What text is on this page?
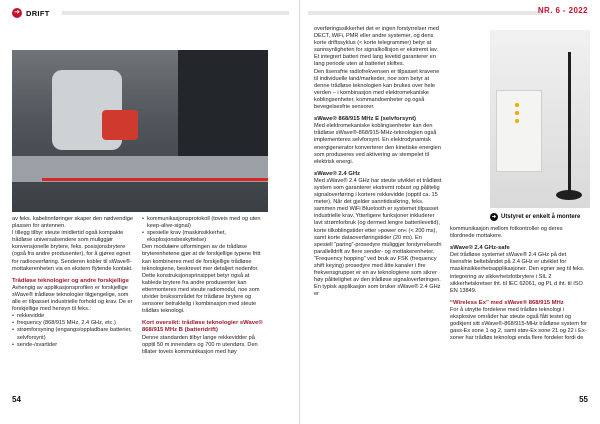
➜ DRIFT

av feks. kabelinnføringer skaper den nødvendige plassen for antennen.

I tillegg tilbyr steute imidlertid også kompakte trådløse universalsendere som muliggjør konvensjonelle brytere, feks. posisjonsbrytere (også fra andre produsenter), for å gjøres egnet for radiooverføring. Senderen kobler til sWave®-mottakerenheten via en ekstern flytende kontakt.

Trådløse teknologier og andre forskjellige

Avhengig av applikasjonsprofilen er forskjellige sWave® trådløse teknologier tilgjengelige, som alle er tilpasset industrielle forhold og krav. De er forskjellige med hensyn til feks.:

• rekkevidde
• frequency (868/915 MHz, 2.4 GHz, etc.)
• strømforsyning (engangs/oppladbare batterier, selvforsynt)
• sende-/svartider
• kommunikasjonsprotokoll (toveis med og uten keep-alive-signal)
• spesielle krav (maskinsikkerhet, eksplosjonsbeskyttelse)

Den modulære utformingen av de trådløse bryterenhetene gjør at de forskjellige typene fritt kan kombineres med de forskjellige trådløse teknologiene, beskrevet mer detaljert nedenfor. Dette konstruksjonsprinsippet betyr også at kablede brytere fra andre produsenter kan ettermonteres med steute radiomodul, noe som utvider bruksområdet for trådløse brytere og sensorer betraktelig i kombinasjon med steute trådløs teknologi.

Kort oversikt: trådløse teknologier sWave® 868/915 MHz B (batteridrift)

Denne standarden tilbyr lange rekkevidder på opptil 50 m innendørs og 700 m utendørs. Den tillater toveis kommunikasjon med høy

54
NR. 6 - 2022

overføringssikkerhet det er ingen forstyrrelser med DECT, WiFi, PMR eller andre systemer, og dens korte driftssyklus (< korte telegrammer) betyr at sannsynligheten for signalkollisjon er ekstremt lav. Et integrert batteri med lang levetid garanterer en lang periode uten at batteriet skiftes.

Den lisensfrie radiofrekvensen er tilpasset kravene til individuelle land/markeder, noe som betyr at denne trådløse teknologien kan brukes over hele verden – i kombinasjon med elektromekaniske koblingsenheter, kommandoenheter og også bevegelsesfrie sensorer.

sWave® 868/915 MHz E (selvforsynt)

Med elektromekaniske koblingsenheter kan den trådløse sWave®-868/915-MHz-teknologien også implementeres selvforsynt. En elektrodynamisk energigenerator konverterer den kinetiske energien som produseres ved aktivering av stempelet til elektrisk energi.

sWave® 2.4 GHz

Med sWave® 2.4 GHz har steute utviklet et trådløst system som garanterer ekstremt robust og pålitelig signaloverføring i kortere rekkevidde (opptil ca. 15 meter). Når det gjelder sanntidssikring, feks. sammen med WiFi Bluetooth er systemet tilpasset industrielle krav. Ytterligere funksjoner inkluderer lavt strømforbruk (og dermed lengre batterilevetid), korte tilkoblingstider etter »power on« (< 200 ms), samt korte dataoverføringstider (20 ms). En spesiell “paring”-prosedyre muliggjør forstyrrelsesfri parallelldrift av flere sender- og mottakerenheter. “Frequency hopping” ved bruk av FSK (frequency shift keying) prosedyre med åtte kanaler i fire frekvensgrupper er en av teknologiene som sikrer høy pålitelighet av den trådløse signaloverføringen. En typisk applikasjon som bruker sWave® 2.4 GHz er

➜ Utstyret er enkelt å montere

kommunikasjon mellom fotkontroller og deres tilordnede mottakere.

sWave® 2.4 GHz-safe

Det trådløse systemet sWave® 2.4 GHz på det lisensfrie beltebåndet på 2.4 GHz er utviklet for maskinsikkerhetsapplikasjoner. Den egner seg til feks. integrering av sikkerhetsfotbrytere i SIL 2 sikkerhetskretser iht. til IEC 62061, og PL d iht. til ISO EN 13849.

“Wireless Ex” med sWave® 868/915 MHz

For å utnytte fordelene med trådløs teknologi i eksplosive områder har steute også fått testet og godkjent sitt sWave®-868/915-MHz trådløse system for gass-Ex sone 1 og 2, samt støv-Ex sone 21 og 22 i Ex-soner har trådløs teknologi enda flere fordeler fordi de

55
